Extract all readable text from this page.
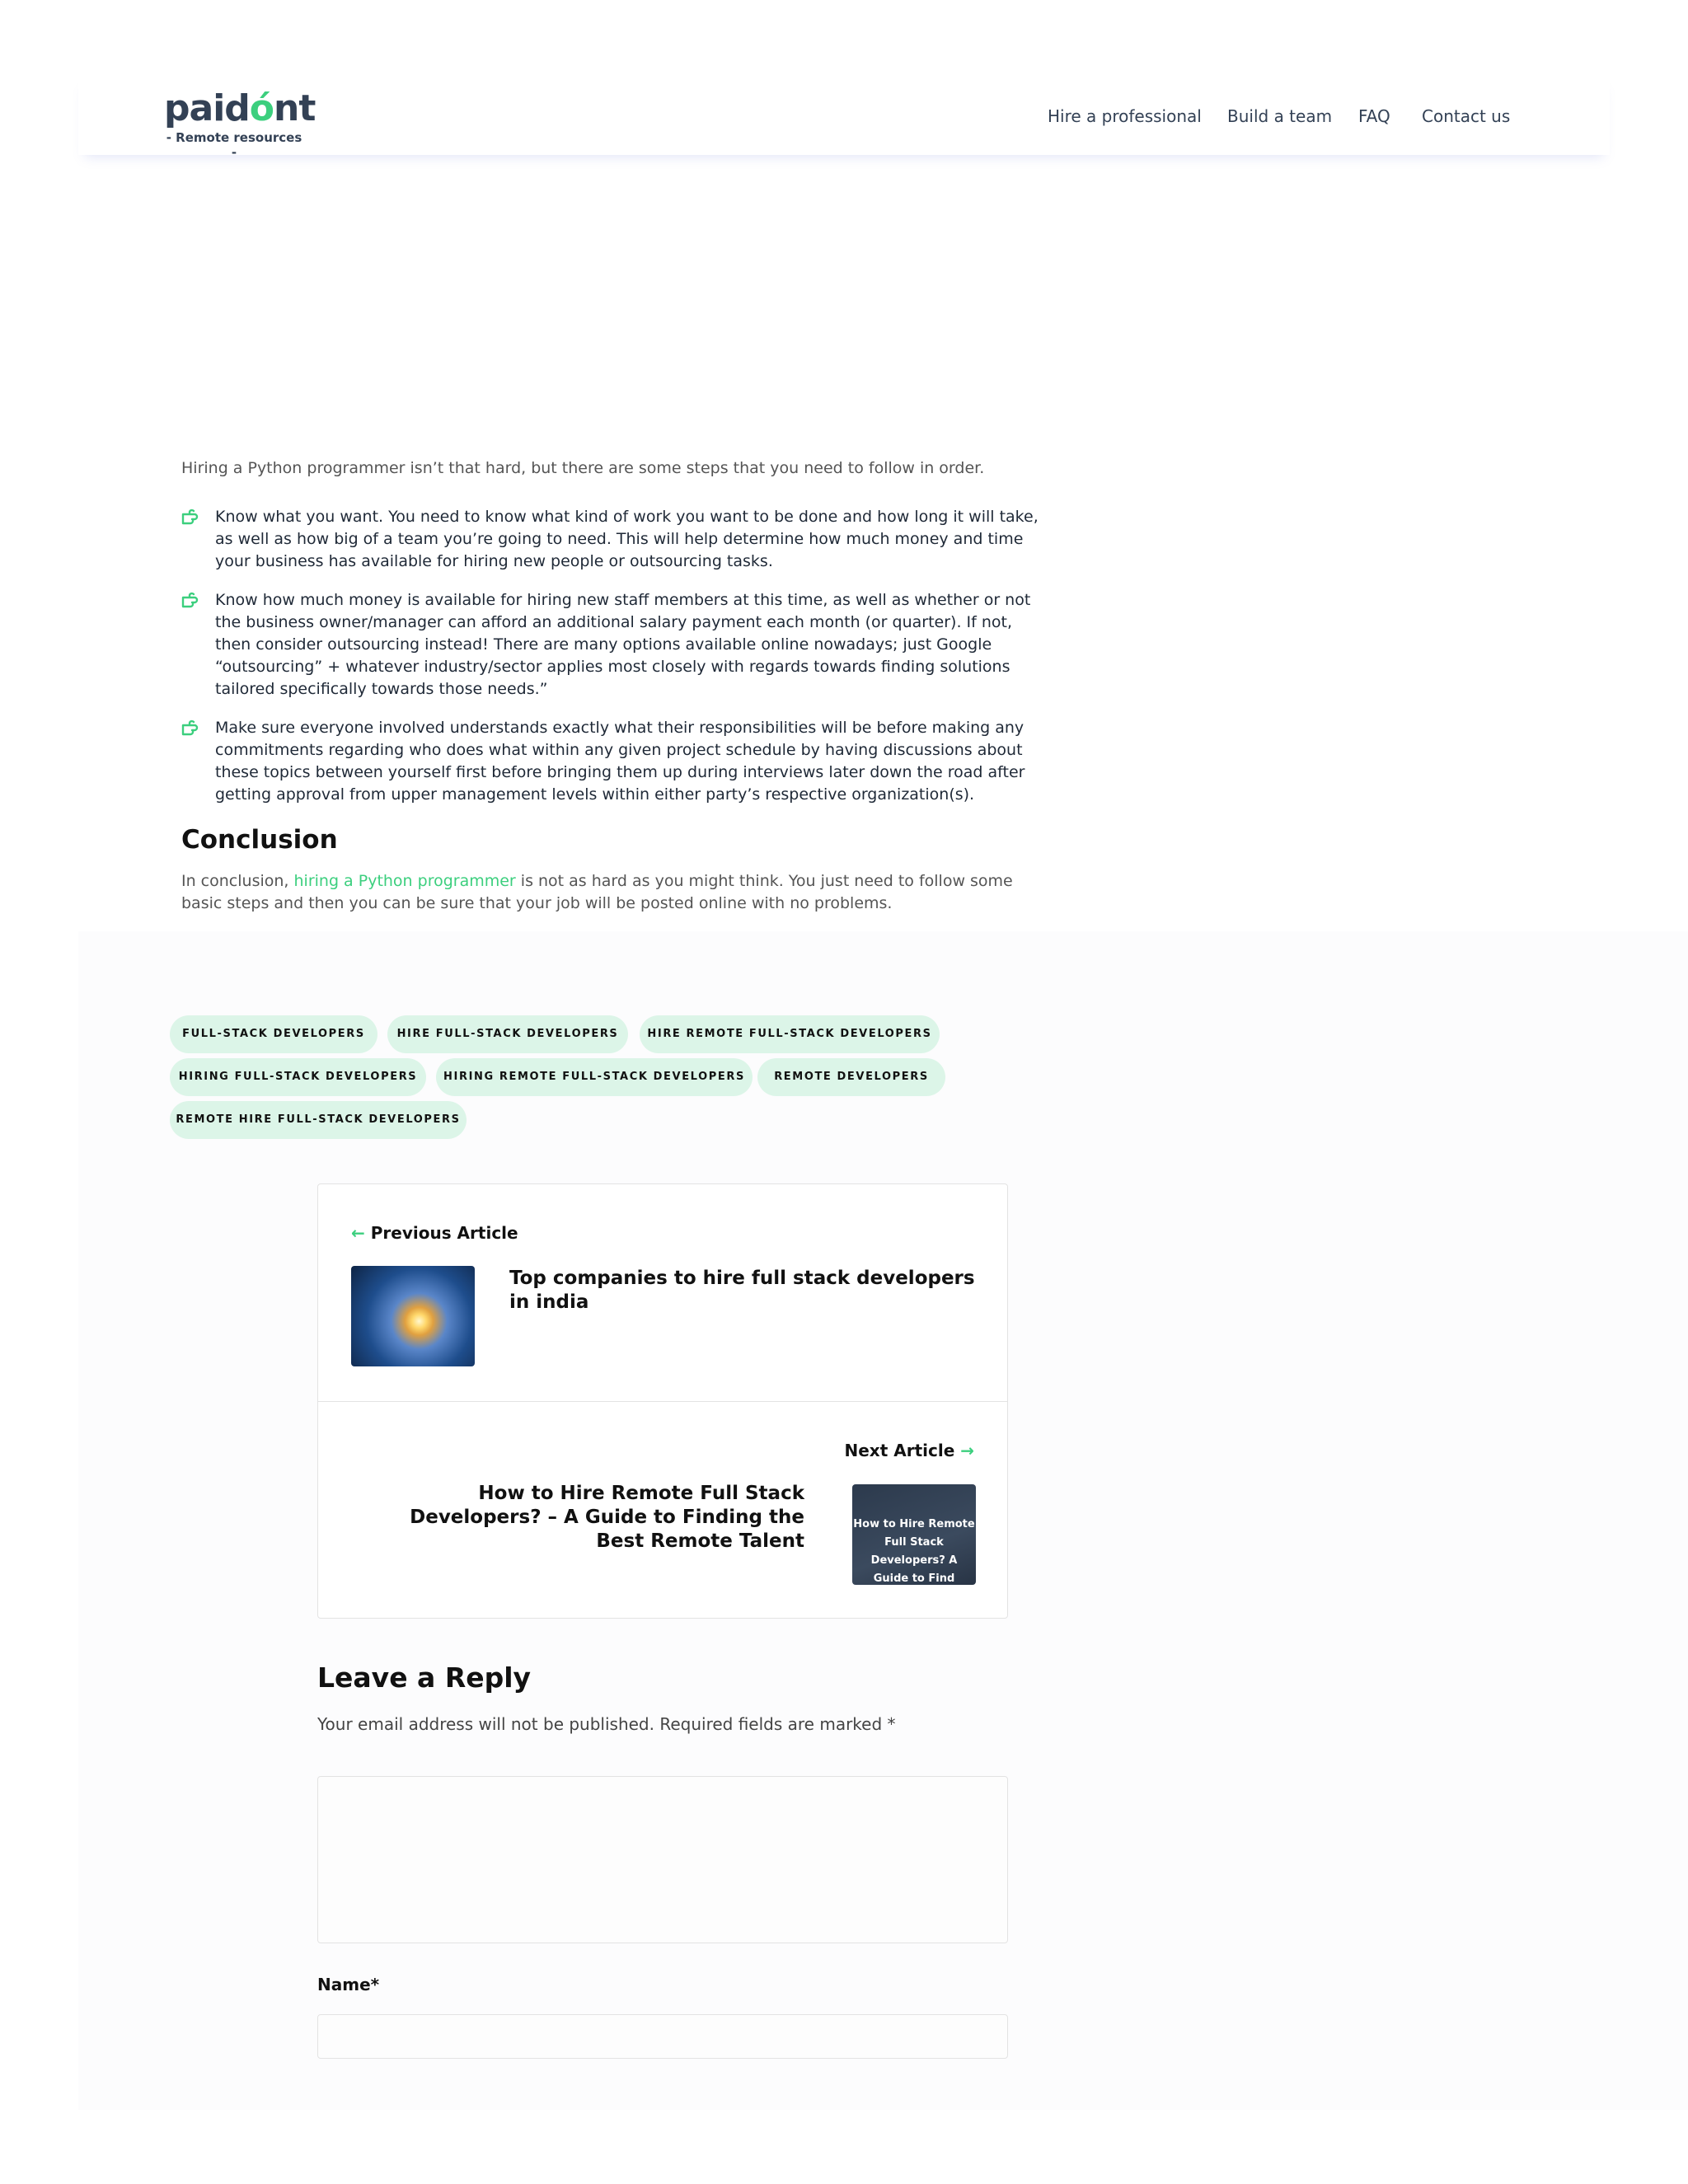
paidónt
- Remote resources -
Hire a professional Build a team FAQ Contact us

Hiring a Python programmer isn’t that hard, but there are some steps that you need to follow in order.

Know what you want. You need to know what kind of work you want to be done and how long it will take, as well as how big of a team you’re going to need. This will help determine how much money and time your business has available for hiring new people or outsourcing tasks.
Know how much money is available for hiring new staff members at this time, as well as whether or not the business owner/manager can afford an additional salary payment each month (or quarter). If not, then consider outsourcing instead! There are many options available online nowadays; just Google “outsourcing” + whatever industry/sector applies most closely with regards towards finding solutions tailored specifically towards those needs.”
Make sure everyone involved understands exactly what their responsibilities will be before making any commitments regarding who does what within any given project schedule by having discussions about these topics between yourself first before bringing them up during interviews later down the road after getting approval from upper management levels within either party’s respective organization(s).
Conclusion

In conclusion, hiring a Python programmer is not as hard as you might think. You just need to follow some basic steps and then you can be sure that your job will be posted online with no problems.

FULL-STACK DEVELOPERS	HIRE FULL-STACK DEVELOPERS	HIRE REMOTE FULL-STACK DEVELOPERS
HIRING FULL-STACK DEVELOPERS	HIRING REMOTE FULL-STACK DEVELOPERS	REMOTE DEVELOPERS
REMOTE HIRE FULL-STACK DEVELOPERS
← Previous Article
Top companies to hire full stack developers in india
Next Article →
How to Hire Remote Full Stack Developers? – A Guide to Finding the Best Remote Talent
How to Hire Remote Full Stack Developers? A Guide to Find
Leave a Reply

Your email address will not be published. Required fields are marked *

Name*
